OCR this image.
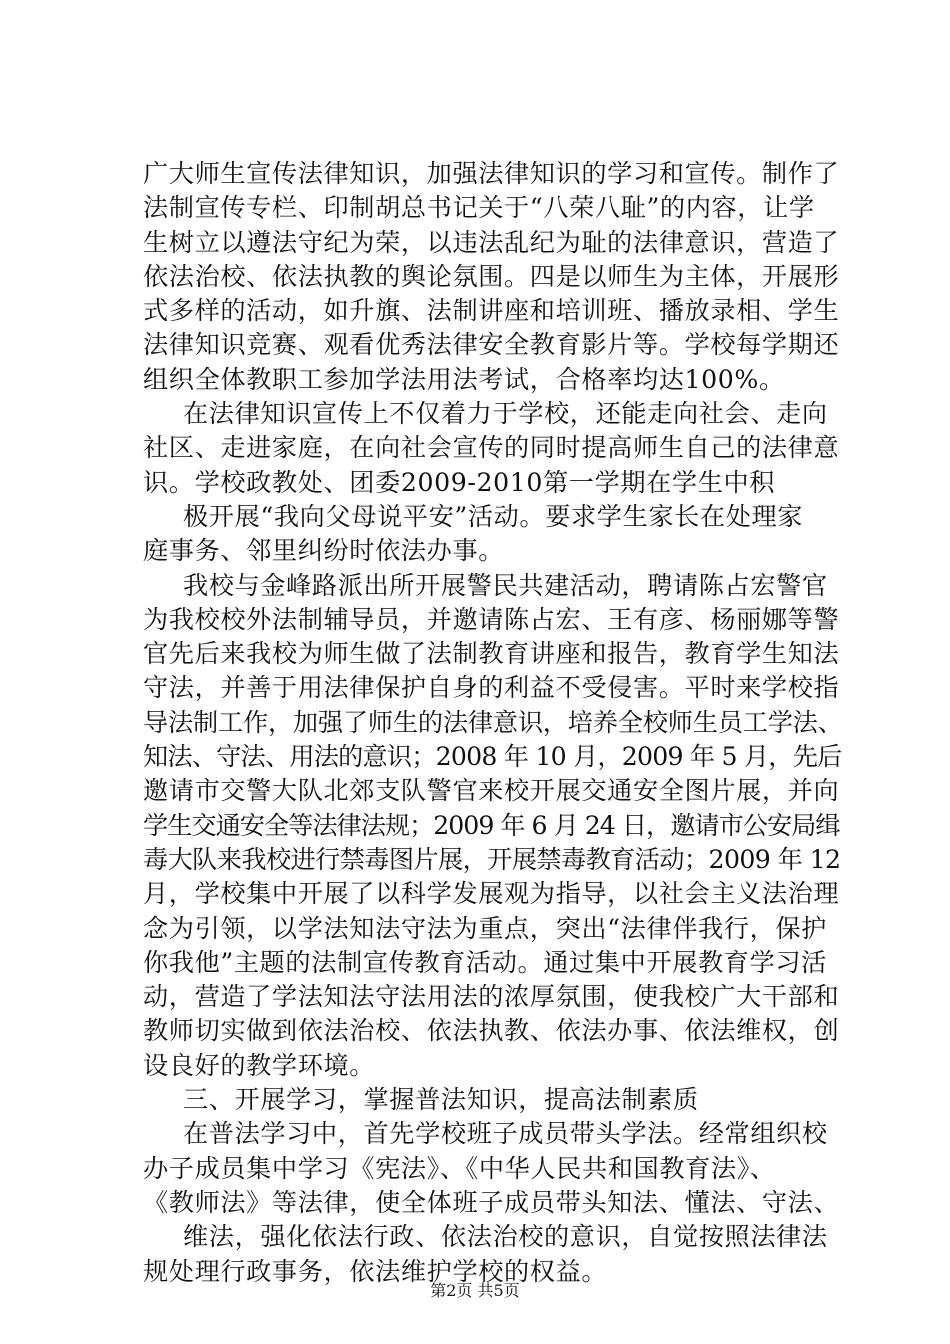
广大师生宣传法律知识，加强法律知识的学习和宣传。制作了
法制宣传专栏、印制胡总书记关于“八荣八耻”的内容，让学
生树立以遵法守纪为荣，以违法乱纪为耻的法律意识，营造了
依法治校、依法执教的舆论氛围。四是以师生为主体，开展形
式多样的活动，如升旗、法制讲座和培训班、播放录相、学生
法律知识竞赛、观看优秀法律安全教育影片等。学校每学期还
组织全体教职工参加学法用法考试，合格率均达100%。
在法律知识宣传上不仅着力于学校，还能走向社会、走向
社区、走进家庭，在向社会宣传的同时提高师生自己的法律意
识。学校政教处、团委2009-2010第一学期在学生中积
极开展“我向父母说平安”活动。要求学生家长在处理家
庭事务、邻里纠纷时依法办事。
我校与金峰路派出所开展警民共建活动，聘请陈占宏警官
为我校校外法制辅导员，并邀请陈占宏、王有彦、杨丽娜等警
官先后来我校为师生做了法制教育讲座和报告，教育学生知法
守法，并善于用法律保护自身的利益不受侵害。平时来学校指
导法制工作，加强了师生的法律意识，培养全校师生员工学法、
知法、守法、用法的意识；2008 年 10 月，2009 年 5 月，先后
邀请市交警大队北郊支队警官来校开展交通安全图片展，并向
学生交通安全等法律法规；2009 年 6 月 24 日，邀请市公安局缉
毒大队来我校进行禁毒图片展，开展禁毒教育活动；2009 年 12
月，学校集中开展了以科学发展观为指导，以社会主义法治理
念为引领，以学法知法守法为重点，突出“法律伴我行，保护
你我他”主题的法制宣传教育活动。通过集中开展教育学习活
动，营造了学法知法守法用法的浓厚氛围，使我校广大干部和
教师切实做到依法治校、依法执教、依法办事、依法维权，创
设良好的教学环境。
三、开展学习，掌握普法知识，提高法制素质
在普法学习中，首先学校班子成员带头学法。经常组织校
办子成员集中学习《宪法》、《中华人民共和国教育法》、
《教师法》等法律，使全体班子成员带头知法、懂法、守法、
维法，强化依法行政、依法治校的意识，自觉按照法律法
规处理行政事务，依法维护学校的权益。
第2页 共5页
